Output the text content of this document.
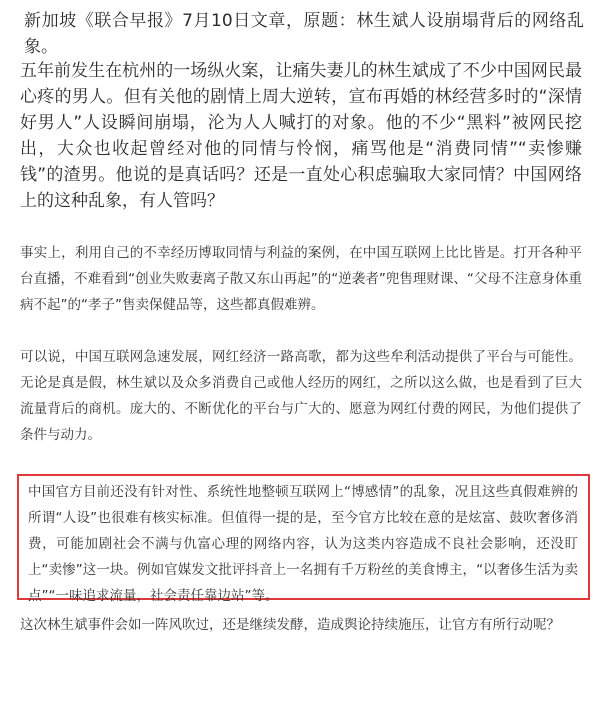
新加坡《联合早报》7月10日文章，原题：林生斌人设崩塌背后的网络乱象。

五年前发生在杭州的一场纵火案，让痛失妻儿的林生斌成了不少中国网民最心疼的男人。但有关他的剧情上周大逆转，宣布再婚的林经营多时的“深情好男人”人设瞬间崩塌，沦为人人喊打的对象。他的不少“黑料”被网民挖出，大众也收起曾经对他的同情与怜悯，痛骂他是“消费同情”“卖惨赚钱”的渣男。他说的是真话吗？还是一直处心积虑骗取大家同情？中国网络上的这种乱象，有人管吗？

事实上，利用自己的不幸经历博取同情与利益的案例，在中国互联网上比比皆是。打开各种平台直播，不难看到“创业失败妻离子散又东山再起”的“逆袭者”兜售理财课、“父母不注意身体重病不起”的“孝子”售卖保健品等，这些都真假难辨。

可以说，中国互联网急速发展，网红经济一路高歌，都为这些牟利活动提供了平台与可能性。无论是真是假，林生斌以及众多消费自己或他人经历的网红，之所以这么做，也是看到了巨大流量背后的商机。庞大的、不断优化的平台与广大的、愿意为网红付费的网民，为他们提供了条件与动力。

中国官方目前还没有针对性、系统性地整顿互联网上“博感情”的乱象，况且这些真假难辨的所谓“人设”也很难有核实标准。但值得一提的是，至今官方比较在意的是炫富、鼓吹奢侈消费，可能加剧社会不满与仇富心理的网络内容，认为这类内容造成不良社会影响，还没盯上“卖惨”这一块。例如官媒发文批评抖音上一名拥有千万粉丝的美食博主，“以奢侈生活为卖点”“一味追求流量，社会责任靠边站”等。

这次林生斌事件会如一阵风吹过，还是继续发酵，造成舆论持续施压，让官方有所行动呢？
